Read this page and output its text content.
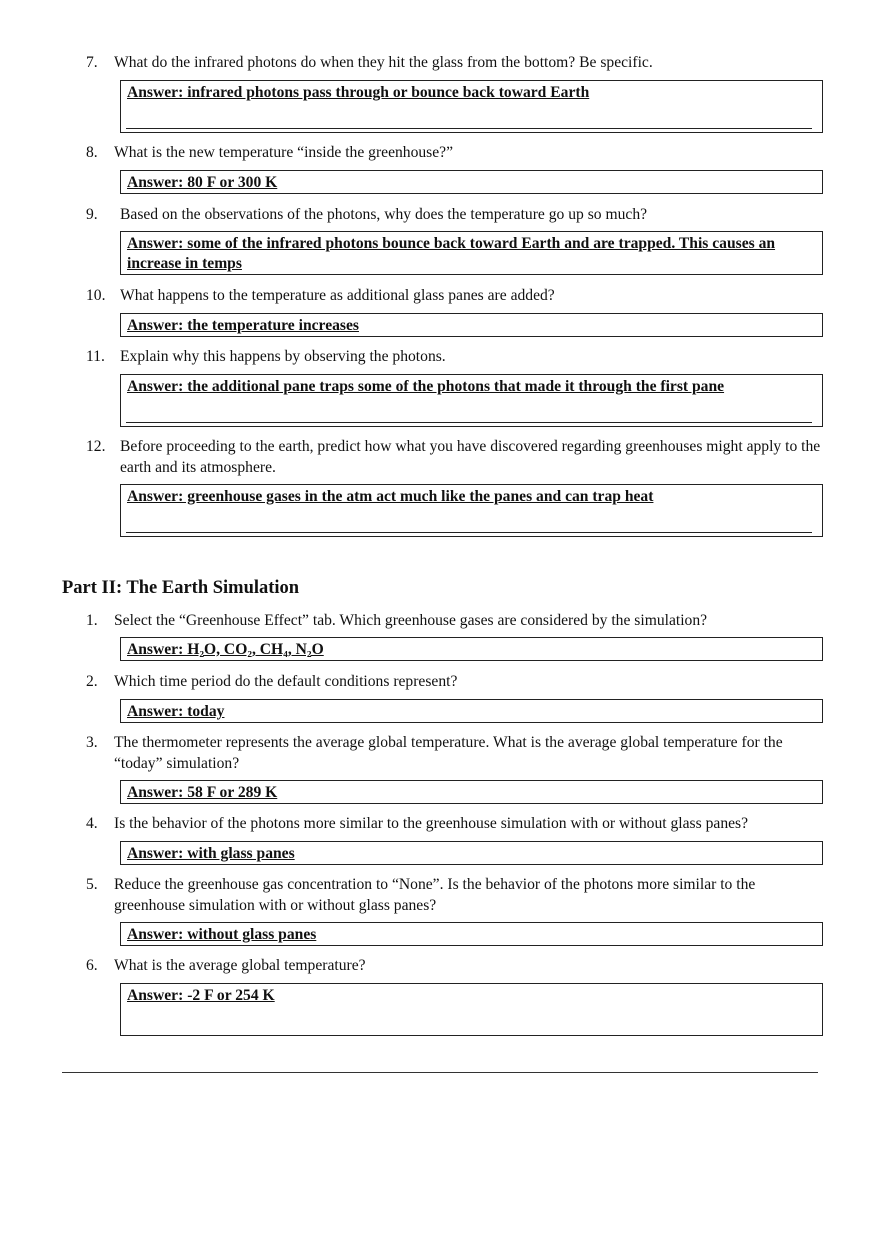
7.	What do the infrared photons do when they hit the glass from the bottom? Be specific.
Answer: infrared photons pass through or bounce back toward Earth
8.	What is the new temperature “inside the greenhouse?”
Answer: 80 F or 300 K
9.	Based on the observations of the photons, why does the temperature go up so much?
Answer: some of the infrared photons bounce back toward Earth and are trapped. This causes an increase in temps
10. What happens to the temperature as additional glass panes are added?
Answer: the temperature increases
11. Explain why this happens by observing the photons.
Answer: the additional pane traps some of the photons that made it through the first pane
12. Before proceeding to the earth, predict how what you have discovered regarding greenhouses might apply to the earth and its atmosphere.
Answer: greenhouse gases in the atm act much like the panes and can trap heat
Part II: The Earth Simulation
1.	Select the “Greenhouse Effect” tab. Which greenhouse gases are considered by the simulation?
Answer: H₂O, CO₂, CH₄, N₂O
2.	Which time period do the default conditions represent?
Answer: today
3.	The thermometer represents the average global temperature. What is the average global temperature for the “today” simulation?
Answer: 58 F or 289 K
4.	Is the behavior of the photons more similar to the greenhouse simulation with or without glass panes?
Answer: with glass panes
5.	Reduce the greenhouse gas concentration to “None”. Is the behavior of the photons more similar to the greenhouse simulation with or without glass panes?
Answer: without glass panes
6.	What is the average global temperature?
Answer: -2 F or 254 K
